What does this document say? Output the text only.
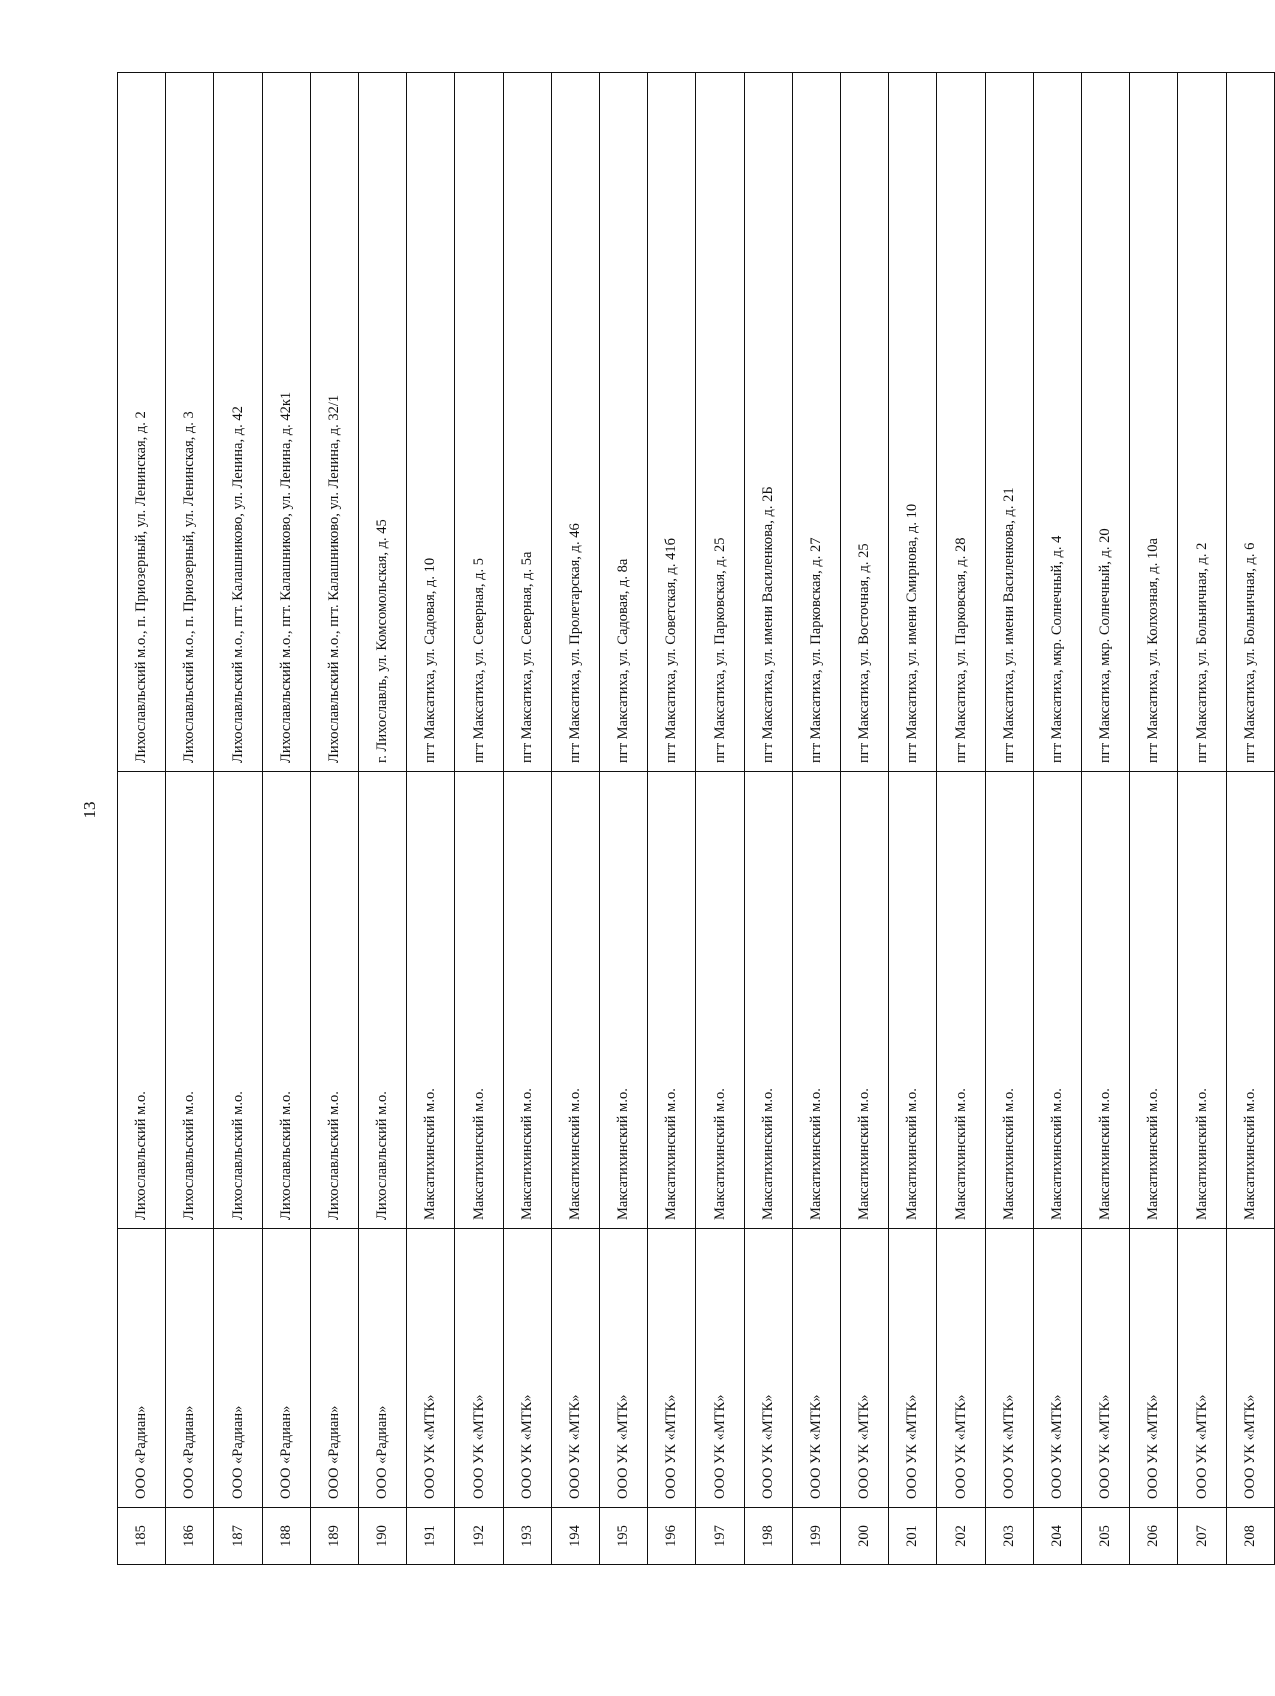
13
185	ООО «Радиан»	Лихославльский м.о.	Лихославльский м.о., п. Приозерный, ул. Ленинская, д. 2
186	ООО «Радиан»	Лихославльский м.о.	Лихославльский м.о., п. Приозерный, ул. Ленинская, д. 3
187	ООО «Радиан»	Лихославльский м.о.	Лихославльский м.о., пгт. Калашниково, ул. Ленина, д. 42
188	ООО «Радиан»	Лихославльский м.о.	Лихославльский м.о., пгт. Калашниково, ул. Ленина, д. 42к1
189	ООО «Радиан»	Лихославльский м.о.	Лихославльский м.о., пгт. Калашниково, ул. Ленина, д. 32/1
190	ООО «Радиан»	Лихославльский м.о.	г. Лихославль, ул. Комсомольская, д. 45
191	ООО УК «МТК»	Максатихинский м.о.	пгт Максатиха, ул. Садовая, д. 10
192	ООО УК «МТК»	Максатихинский м.о.	пгт Максатиха, ул. Северная, д. 5
193	ООО УК «МТК»	Максатихинский м.о.	пгт Максатиха, ул. Северная, д. 5а
194	ООО УК «МТК»	Максатихинский м.о.	пгт Максатиха, ул. Пролетарская, д. 46
195	ООО УК «МТК»	Максатихинский м.о.	пгт Максатиха, ул. Садовая, д. 8а
196	ООО УК «МТК»	Максатихинский м.о.	пгт Максатиха, ул. Советская, д. 41б
197	ООО УК «МТК»	Максатихинский м.о.	пгт Максатиха, ул. Парковская, д. 25
198	ООО УК «МТК»	Максатихинский м.о.	пгт Максатиха, ул. имени Василенкова, д. 2Б
199	ООО УК «МТК»	Максатихинский м.о.	пгт Максатиха, ул. Парковская, д. 27
200	ООО УК «МТК»	Максатихинский м.о.	пгт Максатиха, ул. Восточная, д. 25
201	ООО УК «МТК»	Максатихинский м.о.	пгт Максатиха, ул. имени Смирнова, д. 10
202	ООО УК «МТК»	Максатихинский м.о.	пгт Максатиха, ул. Парковская, д. 28
203	ООО УК «МТК»	Максатихинский м.о.	пгт Максатиха, ул. имени Василенкова, д. 21
204	ООО УК «МТК»	Максатихинский м.о.	пгт Максатиха, мкр. Солнечный, д. 4
205	ООО УК «МТК»	Максатихинский м.о.	пгт Максатиха, мкр. Солнечный, д. 20
206	ООО УК «МТК»	Максатихинский м.о.	пгт Максатиха, ул. Колхозная, д. 10а
207	ООО УК «МТК»	Максатихинский м.о.	пгт Максатиха, ул. Больничная, д. 2
208	ООО УК «МТК»	Максатихинский м.о.	пгт Максатиха, ул. Больничная, д. 6
